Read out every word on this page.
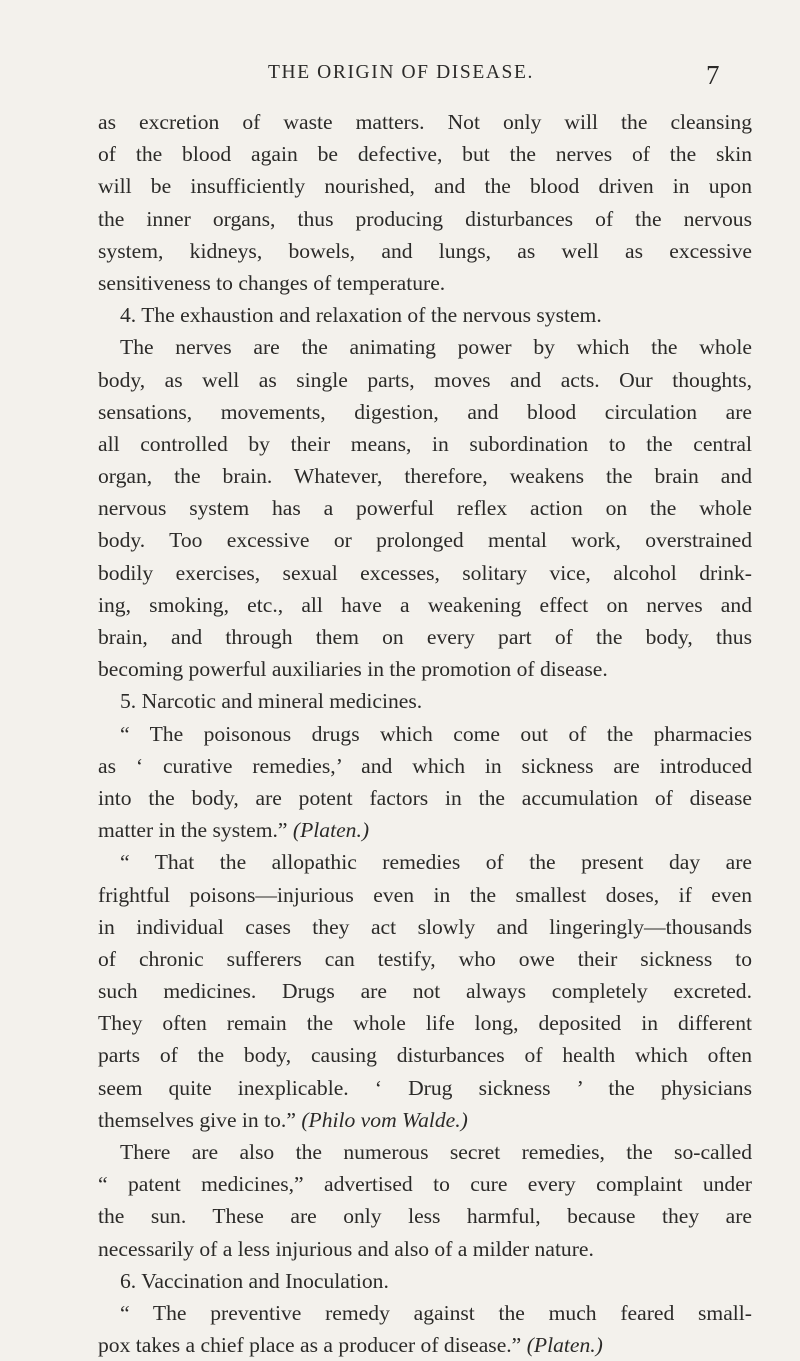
THE ORIGIN OF DISEASE.	7
as excretion of waste matters. Not only will the cleansing
of the blood again be defective, but the nerves of the skin
will be insufficiently nourished, and the blood driven in upon
the inner organs, thus producing disturbances of the nervous
system, kidneys, bowels, and lungs, as well as excessive
sensitiveness to changes of temperature.
4. The exhaustion and relaxation of the nervous system.
The nerves are the animating power by which the whole
body, as well as single parts, moves and acts. Our thoughts,
sensations, movements, digestion, and blood circulation are
all controlled by their means, in subordination to the central
organ, the brain. Whatever, therefore, weakens the brain and
nervous system has a powerful reflex action on the whole
body. Too excessive or prolonged mental work, overstrained
bodily exercises, sexual excesses, solitary vice, alcohol drink-
ing, smoking, etc., all have a weakening effect on nerves and
brain, and through them on every part of the body, thus
becoming powerful auxiliaries in the promotion of disease.
5. Narcotic and mineral medicines.
“ The poisonous drugs which come out of the pharmacies
as ‘ curative remedies,’ and which in sickness are introduced
into the body, are potent factors in the accumulation of disease
matter in the system.” (Platen.)
“ That the allopathic remedies of the present day are
frightful poisons—injurious even in the smallest doses, if even
in individual cases they act slowly and lingeringly—thousands
of chronic sufferers can testify, who owe their sickness to
such medicines. Drugs are not always completely excreted.
They often remain the whole life long, deposited in different
parts of the body, causing disturbances of health which often
seem quite inexplicable. ‘ Drug sickness ’ the physicians
themselves give in to.” (Philo vom Walde.)
There are also the numerous secret remedies, the so-called
“ patent medicines,” advertised to cure every complaint under
the sun. These are only less harmful, because they are
necessarily of a less injurious and also of a milder nature.
6. Vaccination and Inoculation.
“ The preventive remedy against the much feared small-
pox takes a chief place as a producer of disease.” (Platen.)
